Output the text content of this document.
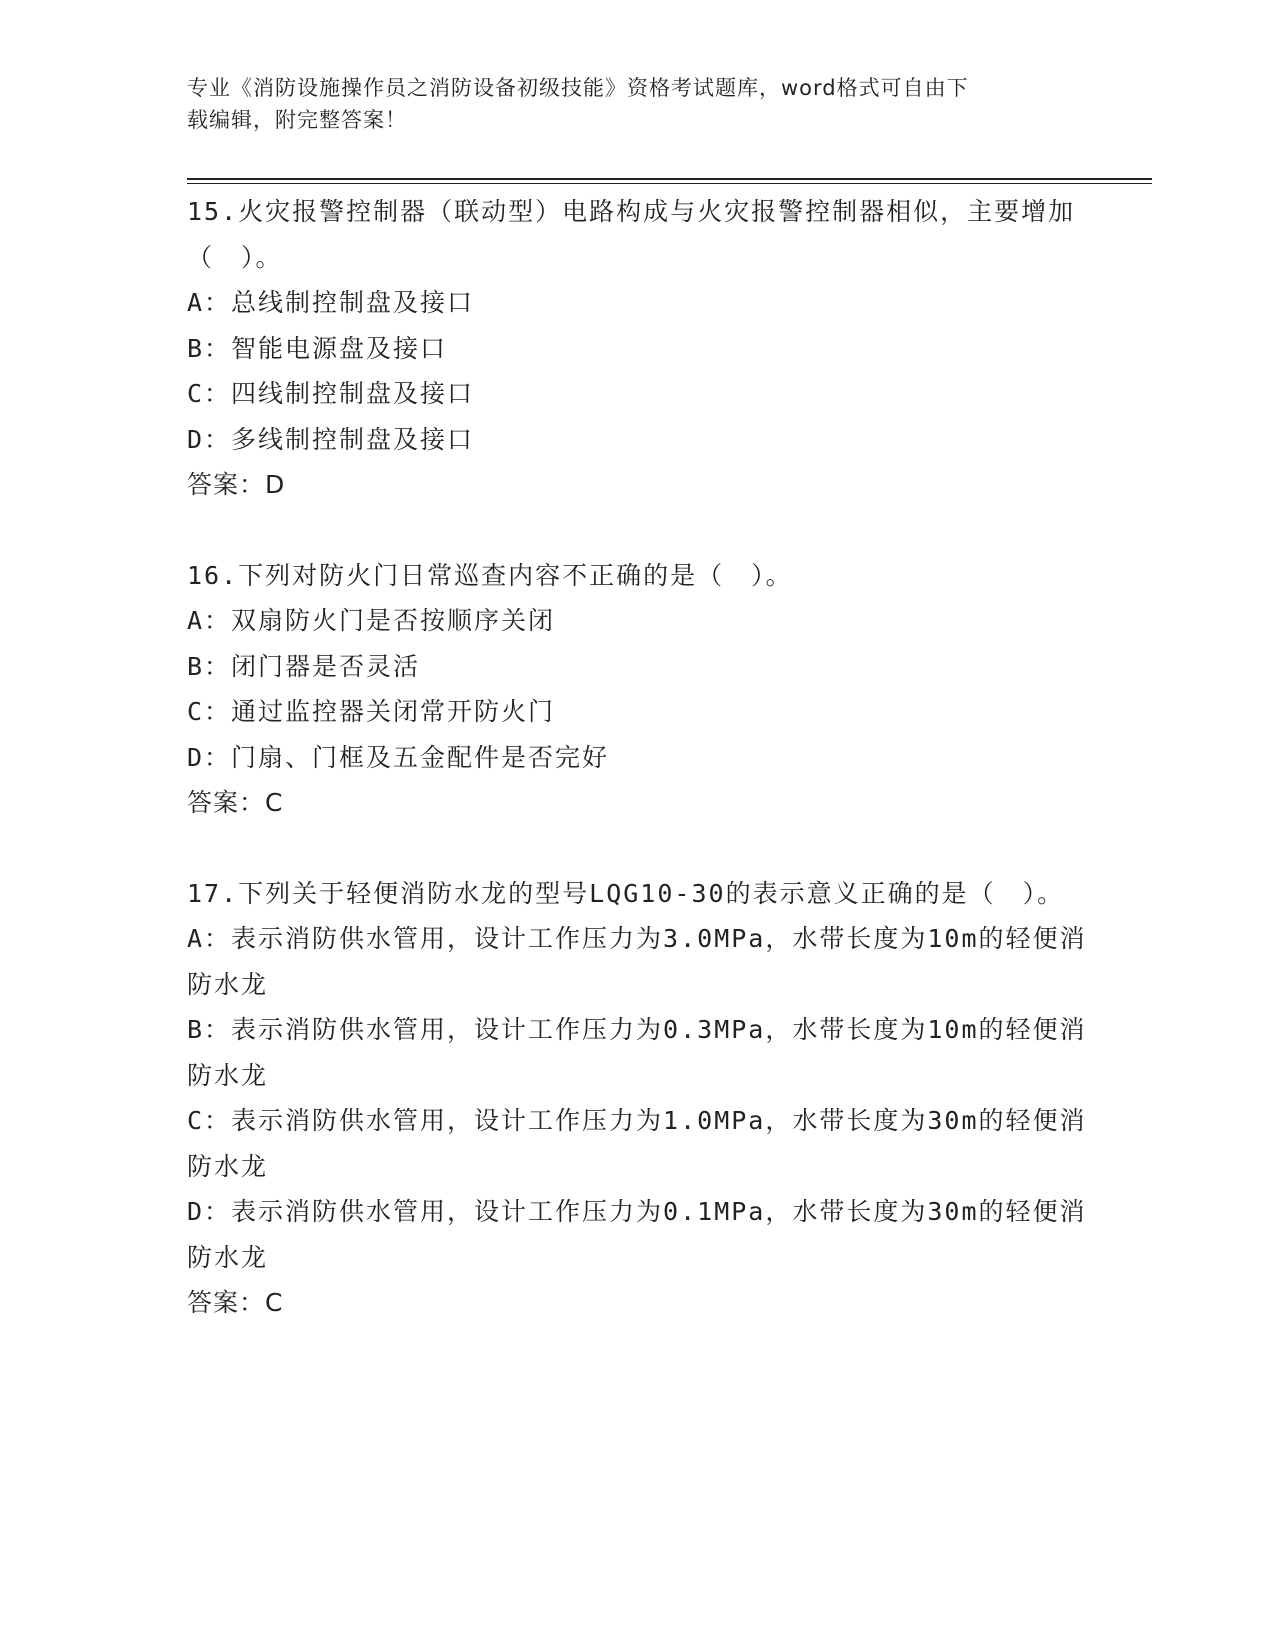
专业《消防设施操作员之消防设备初级技能》资格考试题库，word格式可自由下
载编辑，附完整答案！
15.火灾报警控制器（联动型）电路构成与火灾报警控制器相似，主要增加（　）。
A：总线制控制盘及接口
B：智能电源盘及接口
C：四线制控制盘及接口
D：多线制控制盘及接口
答案：D
16.下列对防火门日常巡查内容不正确的是（　）。
A：双扇防火门是否按顺序关闭
B：闭门器是否灵活
C：通过监控器关闭常开防火门
D：门扇、门框及五金配件是否完好
答案：C
17.下列关于轻便消防水龙的型号LQG10-30的表示意义正确的是（　）。
A：表示消防供水管用，设计工作压力为3.0MPa，水带长度为10m的轻便消防水龙
B：表示消防供水管用，设计工作压力为0.3MPa，水带长度为10m的轻便消防水龙
C：表示消防供水管用，设计工作压力为1.0MPa，水带长度为30m的轻便消防水龙
D：表示消防供水管用，设计工作压力为0.1MPa，水带长度为30m的轻便消防水龙
答案：C
